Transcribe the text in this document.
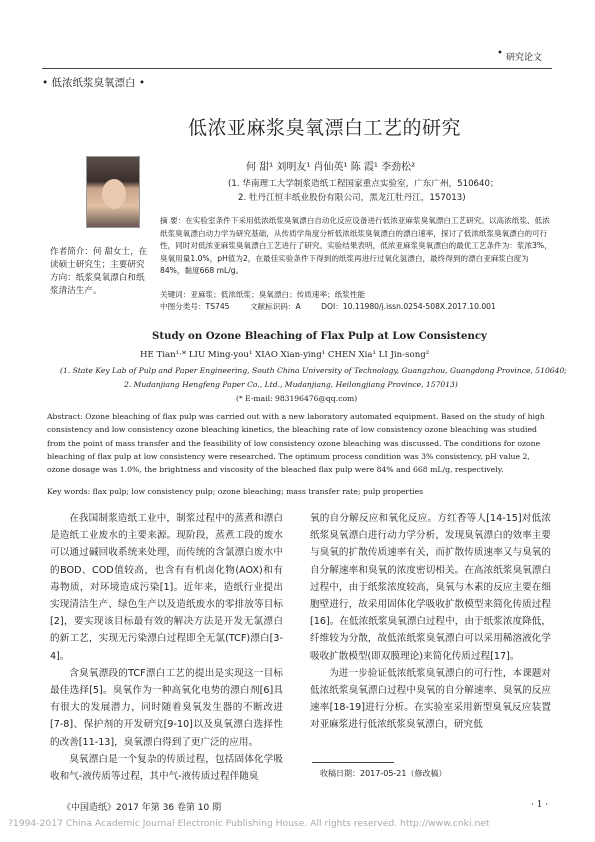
• 研究论文
• 低浓纸浆臭氧漂白 •
低浓亚麻浆臭氧漂白工艺的研究
作者简介：何 甜女士，在读硕士研究生；主要研究方向：纸浆臭氧漂白和纸浆清洁生产。
何 甜¹ 刘明友¹ 肖仙英¹ 陈 霞¹ 李劲松²
(1. 华南理工大学制浆造纸工程国家重点实验室，广东广州，510640；
2. 牡丹江恒丰纸业股份有限公司，黑龙江牡丹江，157013)
摘 要：在实验室条件下采用低浓纸浆臭氧漂白自动化反应设备进行低浓亚麻浆臭氧漂白工艺研究。以高浓纸浆、低浓纸浆臭氧漂白动力学为研究基础，从传质学角度分析低浓纸浆臭氧漂白的漂白速率，探讨了低浓纸浆臭氧漂白的可行性，同时对低浓亚麻浆臭氧漂白工艺进行了研究。实验结果表明，低浓亚麻浆臭氧漂白的最优工艺条件为：浆浓3%，臭氧用量1.0%，pH值为2，在最佳实验条件下得到的纸浆再进行过氧化氢漂白，最终得到的漂白亚麻浆白度为84%，黏度668 mL/g。
关键词：亚麻浆；低浓纸浆；臭氧漂白；传质速率；纸浆性能
中图分类号：TS745	文献标识码：A	DOI：10.11980/j.issn.0254-508X.2017.10.001
Study on Ozone Bleaching of Flax Pulp at Low Consistency
HE Tian¹·* LIU Ming-you¹ XIAO Xian-ying¹ CHEN Xia¹ LI Jin-song²
(1. State Key Lab of Pulp and Paper Engineering, South China University of Technology, Guangzhou, Guangdong Province, 510640;
2. Mudanjiang Hengfeng Paper Co., Ltd., Mudanjiang, Heilongjiang Province, 157013)
(* E-mail: 983196476@qq.com)
Abstract: Ozone bleaching of flax pulp was carried out with a new laboratory automated equipment. Based on the study of high consistency and low consistency ozone bleaching kinetics, the bleaching rate of low consistency ozone bleaching was studied from the point of mass transfer and the feasibility of low consistency ozone bleaching was discussed. The conditions for ozone bleaching of flax pulp at low consistency were researched. The optimum process condition was 3% consistency, pH value 2, ozone dosage was 1.0%, the brightness and viscosity of the bleached flax pulp were 84% and 668 mL/g, respectively.
Key words: flax pulp; low consistency pulp; ozone bleaching; mass transfer rate; pulp properties

在我国制浆造纸工业中，制浆过程中的蒸煮和漂白是造纸工业废水的主要来源。现阶段，蒸煮工段的废水可以通过碱回收系统来处理，而传统的含氯漂白废水中的BOD、COD值较高，也含有有机卤化物(AOX)和有毒物质，对环境造成污染[1]。近年来，造纸行业提出实现清洁生产、绿色生产以及造纸废水的零排放等目标[2]，要实现该目标最有效的解决方法是开发无氯漂白的新工艺，实现无污染漂白过程即全无氯(TCF)漂白[3-4]。

含臭氧漂段的TCF漂白工艺的提出是实现这一目标最佳选择[5]。臭氧作为一种高氧化电势的漂白剂[6]具有很大的发展潜力，同时随着臭氧发生器的不断改进[7-8]、保护剂的开发研究[9-10]以及臭氧漂白选择性的改善[11-13]，臭氧漂白得到了更广泛的应用。

臭氧漂白是一个复杂的传质过程，包括固体化学吸收和气-液传质等过程，其中气-液传质过程伴随臭

氧的自分解反应和氧化反应。方红香等人[14-15]对低浓纸浆臭氧漂白进行动力学分析，发现臭氧漂白的效率主要与臭氧的扩散传质速率有关，而扩散传质速率又与臭氧的自分解速率和臭氧的浓度密切相关。在高浓纸浆臭氧漂白过程中，由于纸浆浓度较高，臭氧与木素的反应主要在细胞壁进行，故采用固体化学吸收扩散模型来简化传质过程[16]。在低浓纸浆臭氧漂白过程中，由于纸浆浓度降低，纤维较为分散，故低浓纸浆臭氧漂白可以采用稀溶液化学吸收扩散模型(即双膜理论)来简化传质过程[17]。

为进一步验证低浓纸浆臭氧漂白的可行性，本课题对低浓纸浆臭氧漂白过程中臭氧的自分解速率、臭氧的反应速率[18-19]进行分析。在实验室采用新型臭氧反应装置对亚麻浆进行低浓纸浆臭氧漂白，研究低

收稿日期：2017-05-21（修改稿）
《中国造纸》2017 年第 36 卷第 10 期	· 1 ·
?1994-2017 China Academic Journal Electronic Publishing House. All rights reserved. http://www.cnki.net
